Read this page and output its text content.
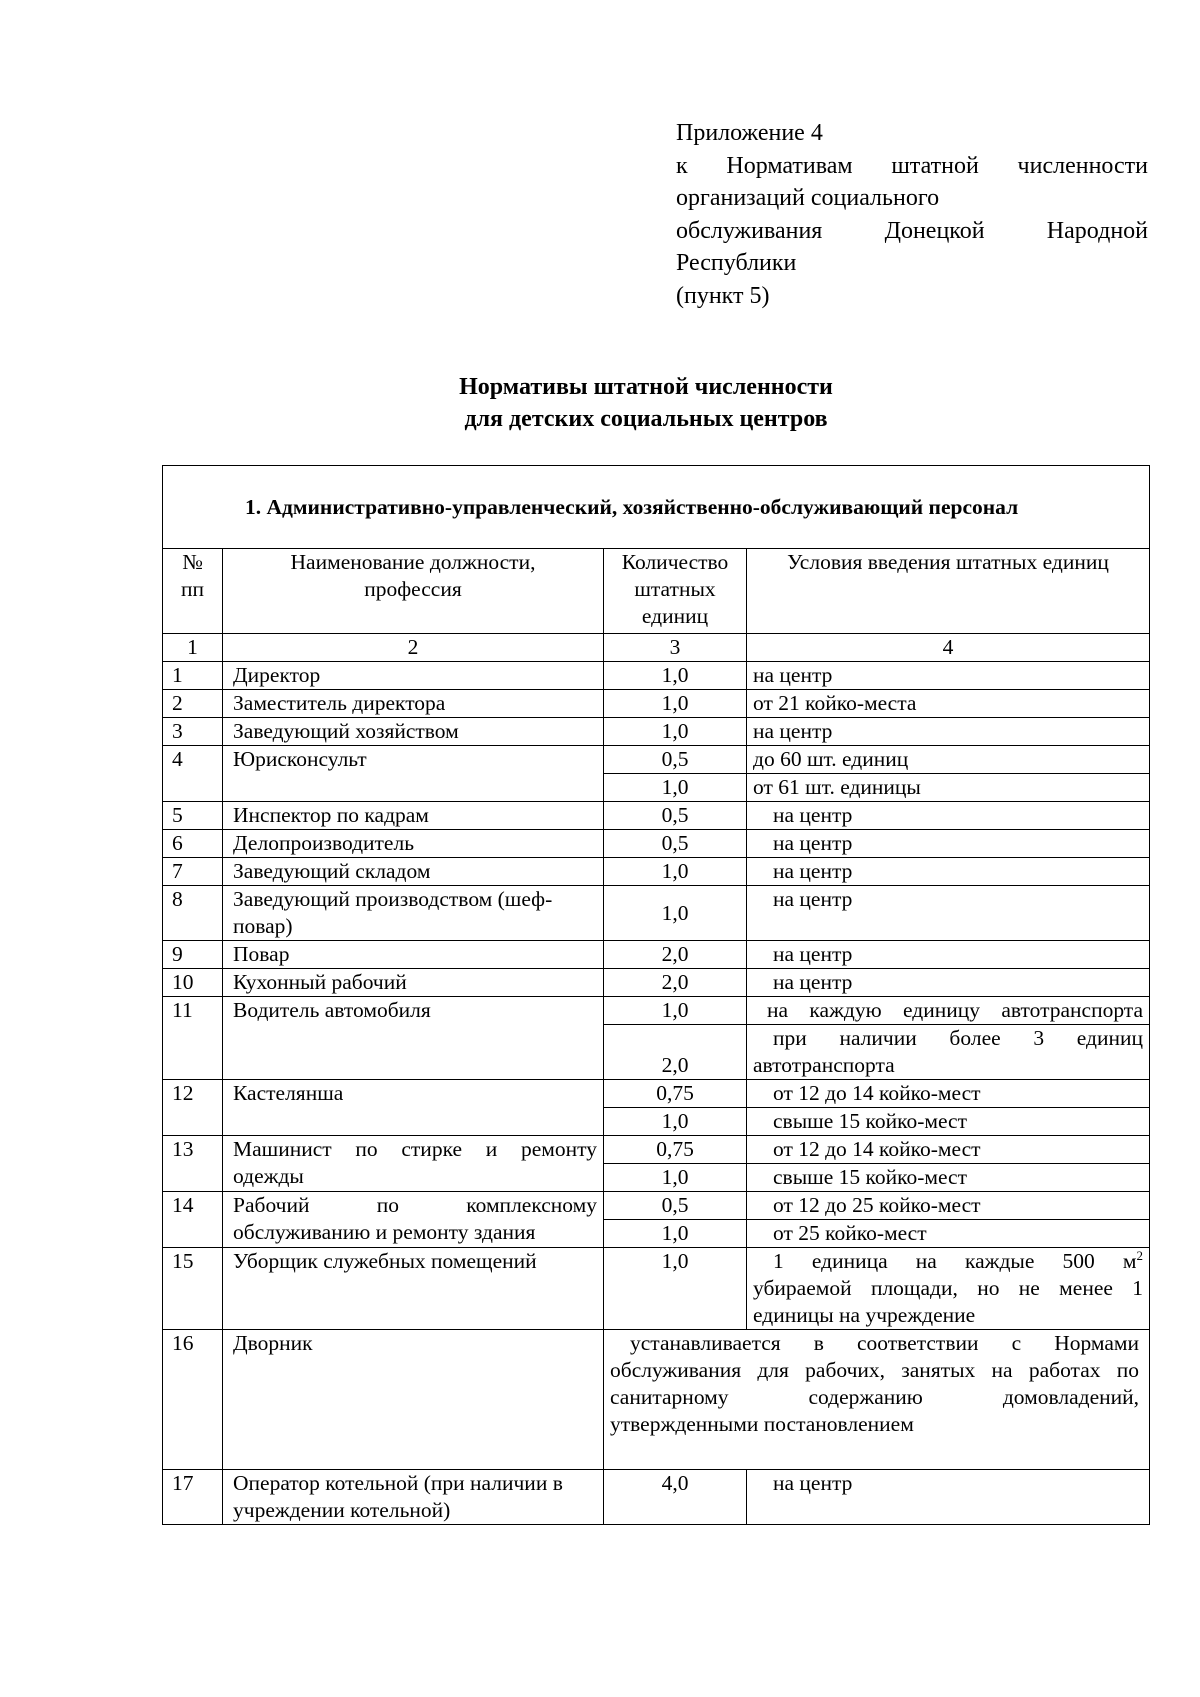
Приложение 4
к Нормативам штатной численности
организаций социального
обслуживания Донецкой Народной
Республики
(пункт 5)
Нормативы штатной численности
для детских социальных центров
1. Административно-управленческий, хозяйственно-обслуживающий персонал			

№ пп	Наименование должности, профессия	Количество штатных единиц	Условия введения штатных единиц
1	2	3	4
1	Директор	1,0	на центр
2	Заместитель директора	1,0	от 21 койко-места
3	Заведующий хозяйством	1,0	на центр
4	Юрисконсульт	0,5	до 60 шт. единиц
		1,0	от 61 шт. единицы
5	Инспектор по кадрам	0,5	на центр
6	Делопроизводитель	0,5	на центр
7	Заведующий складом	1,0	на центр
8	Заведующий производством (шеф-повар)	1,0	на центр
9	Повар	2,0	на центр
10	Кухонный рабочий	2,0	на центр
11	Водитель автомобиля	1,0	на каждую единицу автотранспорта

		2,0	при наличии более 3 единиц автотранспорта
12	Кастелянша	0,75	от 12 до 14 койко-мест
		1,0	свыше 15 койко-мест
13	Машинист по стирке и ремонту одежды	0,75	от 12 до 14 койко-мест
		1,0	свыше 15 койко-мест
14	Рабочий по комплексному обслуживанию и ремонту здания	0,5	от 12 до 25 койко-мест
		1,0	от 25 койко-мест
15	Уборщик служебных помещений	1,0	1 единица на каждые 500 $м^2$
убираемой площади, но не менее 1 единицы на учреждение

16	Дворник	устанавливается в соответствии с Нормами обслуживания для рабочих, занятых на работах по санитарному содержанию домовладений, утвержденными постановлением	
17	Оператор котельной (при наличии в учреждении котельной)	4,0	на центр
